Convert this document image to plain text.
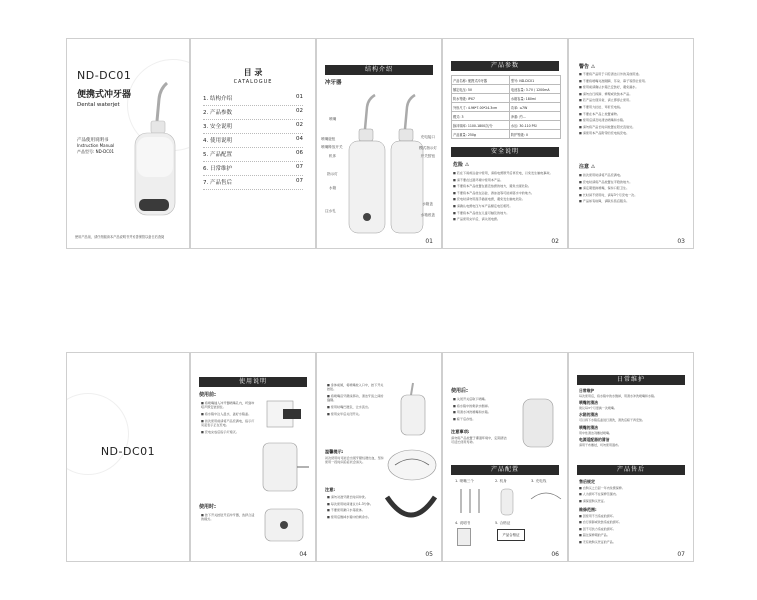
ND-DC01
便携式冲牙器
Dental waterjet
产品使用说明书
Instruction Manual
产品型号: ND-DC01
使用产品前，请仔细阅读本产品说明书并妥善保管以备日后查阅
目 录
CATALOGUE
1. 结构介绍	01
2. 产品参数	02
3. 安全说明	02
4. 使用说明	04
5. 产品配置	06
6. 日常维护	07
7. 产品售后	07
结构介绍
冲牙器
喷嘴
喷嘴旋钮
喷嘴释放开关
机体
指示灯
水箱
注水孔
充电接口
模式指示灯
开关按钮
水箱盖
水箱底盖
01
产品参数
产品名称: 便携式冲牙器	型号: ND-DC01
额定电压: 5V	电池容量: 3.7V / 1200mA
防水等级: IPX7	水箱容量: 180ml
外形尺寸: 4.96*7.00*24.3cm	功率: ≤7W
模式: 3	净重: 约...
脉冲频率: 1100-1800次/分	水压: 30-110 PSI
产品重量: 250g	防护等级: II
安全说明
危险 ⚠
■ 若在下雨或浴盆中使用，请将电源断开后再充电，以免发生触电事故。
■ 请不要在过湿环境中使用本产品。
■ 不要将本产品放置在靠近热源的地方，避免出现危险。
■ 不要将本产品放在浴盆、游泳池等可能掉落水中的地方。
■ 充电时请勿用湿手插拔电源，避免发生触电危险。
■ 请确认电源电压与本产品额定电压相符。
■ 不要将本产品放在儿童可触及的地方。
■ 产品使用完毕后，请关闭电源。
02
警告 ⚠
■ 不要将产品用于口腔清洁以外的其他用途。
■ 不要将喷嘴对准眼睛、耳朵、鼻子等部位使用。
■ 使用前请确认水箱已安装好，避免漏水。
■ 请勿自行拆卸、修理或改装本产品。
■ 若产品出现异常，请立即停止使用。
■ 不要用力拉扯、弯折充电线。
■ 不要在本产品上放置重物。
■ 使用后请及时清洁喷嘴和水箱。
■ 请勿将产品长时间放置在阳光直射处。
■ 请使用本产品附带的充电线充电。
注意 ⚠
■ 首次使用时请将产品充满电。
■ 充电时请将产品放置在平稳的地方。
■ 请定期更换喷嘴，保持口腔卫生。
■ 长时间不使用时，请每3个月充电一次。
■ 产品如有故障，请联系售后服务。
03
ND-DC01
使用说明
使用前:
■ 将喷嘴插入冲牙器喷嘴孔内，听到咔嗒声即安装到位。
■ 将水箱中注入温水，盖好水箱盖。
■ 首次使用前请将产品充满电，指示灯亮起表示正在充电。
■ 充电完成后指示灯熄灭。
使用时:
■ 按下开关按钮开启冲牙器，选择合适的模式。
04
■ 身体前倾，将喷嘴放入口中，按下开关按钮。
■ 将喷嘴沿牙龈线移动，清洁牙齿之间的缝隙。
■ 使用时嘴巴微张，让水流出。
■ 使用完毕后关闭开关。
温馨提示:
初次使用时可能会出现牙龈轻微出血，坚持使用一段时间后症状会消失。
注意:
■ 请勿对准牙龈长时间冲洗。
■ 每次使用时间建议为1-3分钟。
■ 不要使用漱口水等液体。
■ 使用后倒掉水箱中的剩余水。
05
使用后:
■ 关闭开关后取下喷嘴。
■ 将水箱中的剩余水倒掉。
■ 用清水冲洗喷嘴和水箱。
■ 晾干后存放。
注意事项:
请勿将产品放置于潮湿环境中，定期清洁可延长使用寿命。
产品配置
1. 喷嘴三个	2. 机身	3. 充电线
4. 说明书	5. 合格证
产品合格证
06
日常维护
日常维护
每次使用后，将水箱中的水倒掉，用清水冲洗喷嘴和水箱。
喷嘴的清洁
建议每3个月更换一次喷嘴。
水箱的清洁
可以拆下水箱底盖进行清洗，清洗后晾干再安装。
喷嘴的清洁
用中性清洁剂擦拭喷嘴。
电源适配器的清洁
请用干布擦拭，切勿使用湿布。
产品售后
售后规定
■ 自购买之日起一年内免费保修。
■ 人为损坏不在保修范围内。
■ 请保留购买凭证。
维修范围:
■ 因使用不当造成的损坏。
■ 自行拆卸或改装造成的损坏。
■ 因不可抗力造成的损坏。
■ 超过保修期的产品。
■ 无有效购买凭证的产品。
07
